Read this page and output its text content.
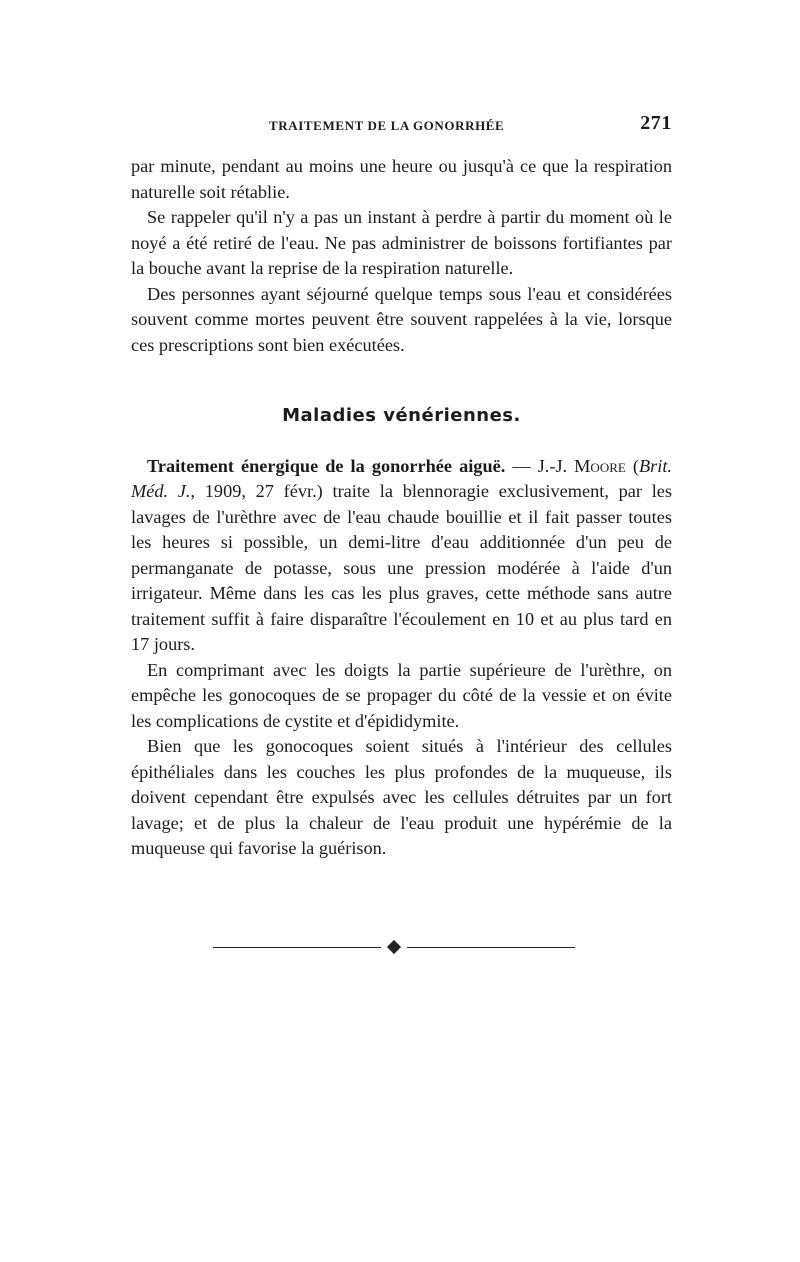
TRAITEMENT DE LA GONORRHÉE	271

par minute, pendant au moins une heure ou jusqu'à ce que la respiration naturelle soit rétablie.

Se rappeler qu'il n'y a pas un instant à perdre à partir du moment où le noyé a été retiré de l'eau. Ne pas administrer de boissons fortifiantes par la bouche avant la reprise de la respiration naturelle.

Des personnes ayant séjourné quelque temps sous l'eau et considérées souvent comme mortes peuvent être souvent rappelées à la vie, lorsque ces prescriptions sont bien exécutées.

Maladies vénériennes.

Traitement énergique de la gonorrhée aiguë. — J.-J. Moore (Brit. Méd. J., 1909, 27 févr.) traite la blennoragie exclusivement, par les lavages de l'urèthre avec de l'eau chaude bouillie et il fait passer toutes les heures si possible, un demi-litre d'eau additionnée d'un peu de permanganate de potasse, sous une pression modérée à l'aide d'un irrigateur. Même dans les cas les plus graves, cette méthode sans autre traitement suffit à faire disparaître l'écoulement en 10 et au plus tard en 17 jours.

En comprimant avec les doigts la partie supérieure de l'urèthre, on empêche les gonocoques de se propager du côté de la vessie et on évite les complications de cystite et d'épididymite.

Bien que les gonocoques soient situés à l'intérieur des cellules épithéliales dans les couches les plus profondes de la muqueuse, ils doivent cependant être expulsés avec les cellules détruites par un fort lavage; et de plus la chaleur de l'eau produit une hypérémie de la muqueuse qui favorise la guérison.
